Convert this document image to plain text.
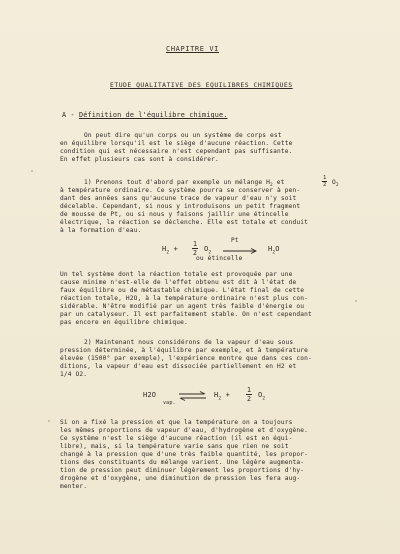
CHAPITRE VI
ETUDE QUALITATIVE DES EQUILIBRES CHIMIQUES
A - Définition de l'équilibre chimique.
On peut dire qu'un corps ou un système de corps est
en équilibre lorsqu'il est le siège d'aucune réaction. Cette
condition qui est nécessaire n'est cependant pas suffisante.
En effet plusieurs cas sont à considérer.
1) Prenons tout d'abord par exemple un mélange $H_2$ et	$\frac{1}{2} O_2$
à température ordinaire. Ce système pourra se conserver à pen-
dant des années sans qu'aucune trace de vapeur d'eau n'y soit
décelable. Cependant, si nous y introduisons un petit fragment
de mousse de Pt, ou si nous y faisons jaillir une étincelle
électrique, la réaction se déclenche. Elle est totale et conduit
à la formation d'eau.
$H_2 + \frac{1}{2} O_2$
Pt
$H_2O$
ou étincelle
Un tel système dont la réaction totale est provoquée par une
cause minime n'est-elle de l'effet obtenu est dit à l'état de
faux équilibre ou de métastable chimique. L'état final de cette
réaction totale, H2O, à la température ordinaire n'est plus con-
sidérable. N'être modifié par un agent très faible d'énergie ou
par un catalyseur. Il est parfaitement stable. On n'est cependant
pas encore en équilibre chimique.
2) Maintenant nous considérons de la vapeur d'eau sous
pression déterminée, à l'équilibre par exemple, et à température
élevée (1500° par exemple), l'expérience montre que dans ces con-
ditions, la vapeur d'eau est dissociée partiellement en H2 et
1/4 O2.
H2O
vap.
⇌ $H_2 + \frac{1}{2} O_2$
Si on a fixé la pression et que la température on a toujours
les mêmes proportions de vapeur d'eau, d'hydrogène et d'oxygène.
Ce système n'est le siège d'aucune réaction (il est en équi-
libre), mais, si la température varie sans que rien ne soit
changé à la pression que d'une très faible quantité, les propor-
tions des constituants du mélange varient. Une légère augmenta-
tion de pression peut diminuer légèrement les proportions d'hy-
drogène et d'oxygène, une diminution de pression les fera aug-
menter.
